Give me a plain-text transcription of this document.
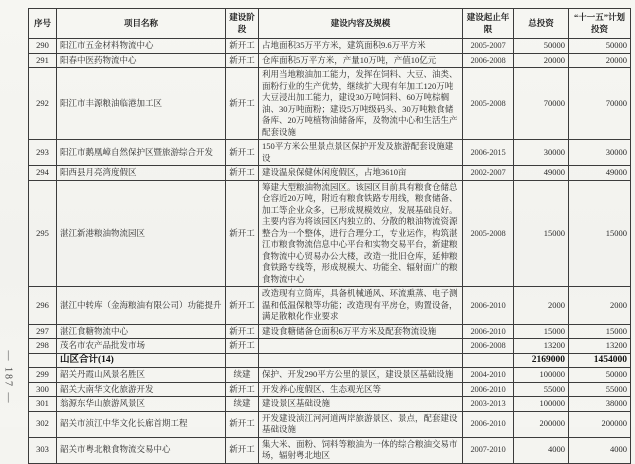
— 187 —
序号	项目名称	建设阶段	建设内容及规模	建设起止年限	总投资	“十一五”计划投资
290	阳江市五金材料物流中心	新开工	占地面积35万平方米，建筑面积9.6万平方米	2005-2007	50000	50000
291	阳春中医药物流中心	新开工	仓库面积5万平方米，产量10万吨，产值10亿元	2006-2008	20000	20000
292	阳江市丰源粮油临港加工区	新开工	利用当地粮油加工能力，发挥在饲料、大豆、油类、面粉行业的生产优势，继续扩大现有年加工120万吨大豆浸出加工能力，建设30万吨饲料、60万吨棕榈油、30万吨面粉；建设5万吨级码头、30万吨粮食储备库、20万吨植物油储备库，及物流中心和生活生产配套设施	2005-2008	70000	70000
293	阳江市鹅凰嶂自然保护区暨旅游综合开发	新开工	150平方米公里景点景区保护开发及旅游配套设施建设	2006-2015	30000	30000
294	阳西县月亮湾度假区	新开工	建设温泉保健休闲度假区，占地3610亩	2002-2007	49000	49000
295	湛江新港粮油物流园区	新开工	筹建大型粮油物流园区。该园区目前具有粮食仓储总仓容近20万吨，附近有粮食铁路专用线，粮食储备、加工等企业众多，已形成规模效应，发展基础良好。主要内容为将该园区内独立的、分散的粮油物流资源整合为一个整体，进行合理分工，专业运作，构筑湛江市粮食物流信息中心平台和实物交易平台，新建粮食物流中心贸易办公大楼，改造一批旧仓库，延伸粮食铁路专线等，形成规模大、功能全、辐射面广的粮食物流中心	2005-2008	15000	15000
296	湛江中转库（金海粮油有限公司）功能提升	新开工	改造现有立筒库，具备机械通风、环流熏蒸、电子测温和低温保粮等功能；改造现有平房仓，购置设备，满足散粮化作业要求	2006-2010	2000	2000
297	湛江食糖物流中心	新开工	建设食糖储备仓面积6万平方米及配套物流设施	2006-2010	15000	15000
298	茂名市农产品批发市场	新开工		2006-2008	13200	13200
	山区合计(14)				2169000	1454000
299	韶关丹霞山风景名胜区	续建	保护、开发290平方公里的景区，建设景区基础设施	2004-2010	100000	50000
300	韶关大南华文化旅游开发	新开工	开发养心度假区、生态观光区等	2006-2010	55000	55000
301	翁源东华山旅游风景区	续建	建设景区基础设施	2003-2013	100000	38000
302	韶关市浈江中华文化长廊首期工程	新开工	开发建设浈江河河道两岸旅游景区、景点，配套建设基础设施	2006-2010	200000	200000
303	韶关市粤北粮食物流交易中心	新开工	集大米、面粉、饲料等粮油为一体的综合粮油交易市场，辐射粤北地区	2007-2010	4000	4000
